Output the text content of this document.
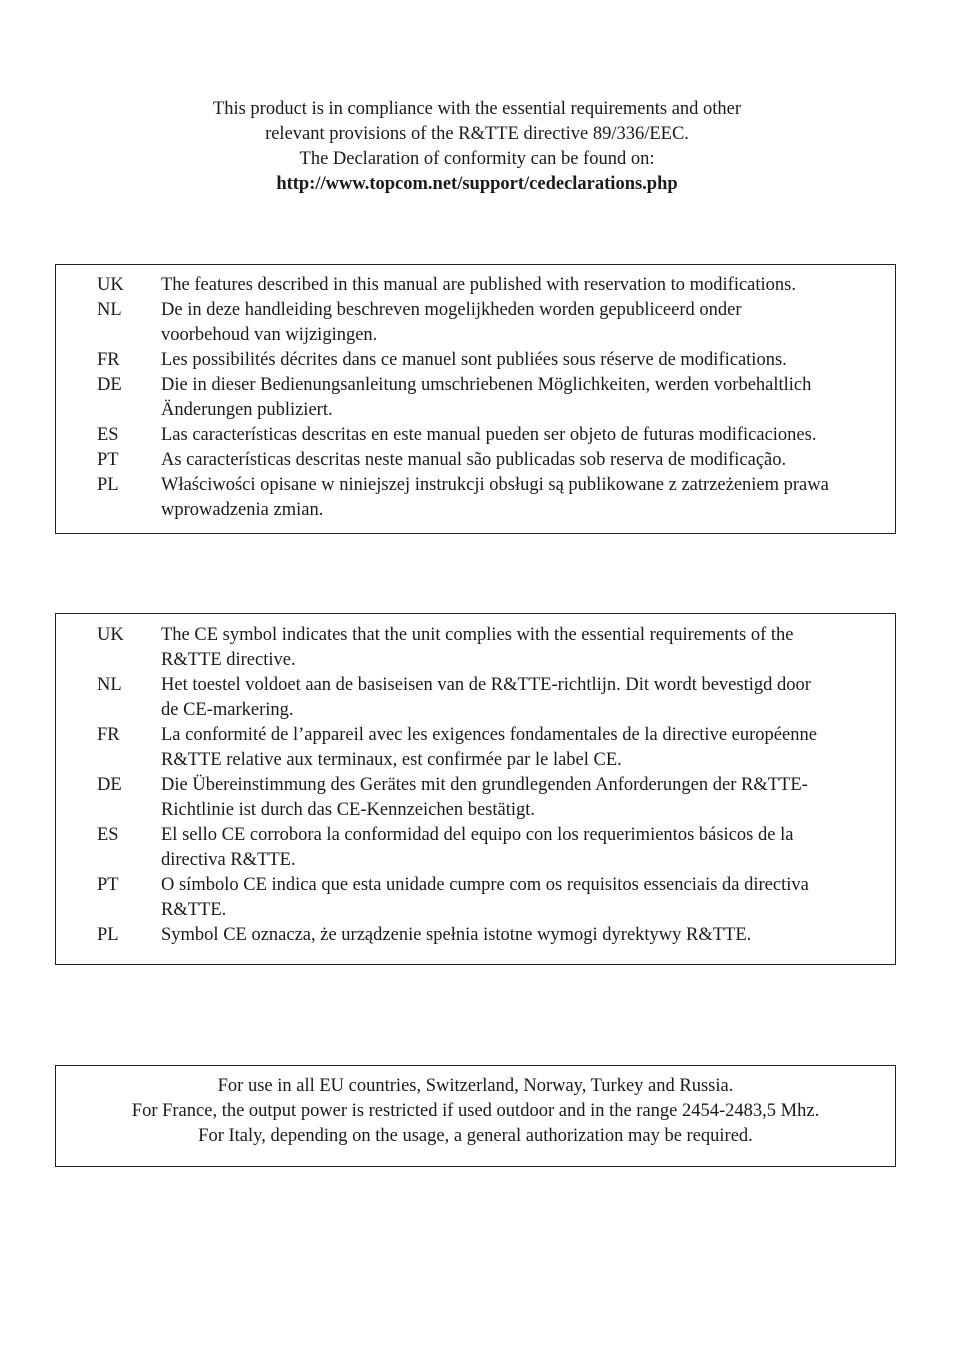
This product is in compliance with the essential requirements and other
relevant provisions of the R&TTE directive 89/336/EEC.
The Declaration of conformity can be found on:
http://www.topcom.net/support/cedeclarations.php
UK	The features described in this manual are published with reservation to modifications.
NL	De in deze handleiding beschreven mogelijkheden worden gepubliceerd onder
voorbehoud van wijzigingen.
FR	Les possibilités décrites dans ce manuel sont publiées sous réserve de modifications.
DE	Die in dieser Bedienungsanleitung umschriebenen Möglichkeiten, werden vorbehaltlich
Änderungen publiziert.
ES	Las características descritas en este manual pueden ser objeto de futuras modificaciones.
PT	As características descritas neste manual são publicadas sob reserva de modificação.
PL	Właściwości opisane w niniejszej instrukcji obsługi są publikowane z zatrzeżeniem prawa
wprowadzenia zmian.
UK	The CE symbol indicates that the unit complies with the essential requirements of the
R&TTE directive.
NL	Het toestel voldoet aan de basiseisen van de R&TTE-richtlijn. Dit wordt bevestigd door
de CE-markering.
FR	La conformité de l’appareil avec les exigences fondamentales de la directive européenne
R&TTE relative aux terminaux, est confirmée par le label CE.
DE	Die Übereinstimmung des Gerätes mit den grundlegenden Anforderungen der R&TTE-
Richtlinie ist durch das CE-Kennzeichen bestätigt.
ES	El sello CE corrobora la conformidad del equipo con los requerimientos básicos de la
directiva R&TTE.
PT	O símbolo CE indica que esta unidade cumpre com os requisitos essenciais da directiva
R&TTE.
PL	Symbol CE oznacza, że urządzenie spełnia istotne wymogi dyrektywy R&TTE.
For use in all EU countries, Switzerland, Norway, Turkey and Russia.
For France, the output power is restricted if used outdoor and in the range 2454-2483,5 Mhz.
For Italy, depending on the usage, a general authorization may be required.
